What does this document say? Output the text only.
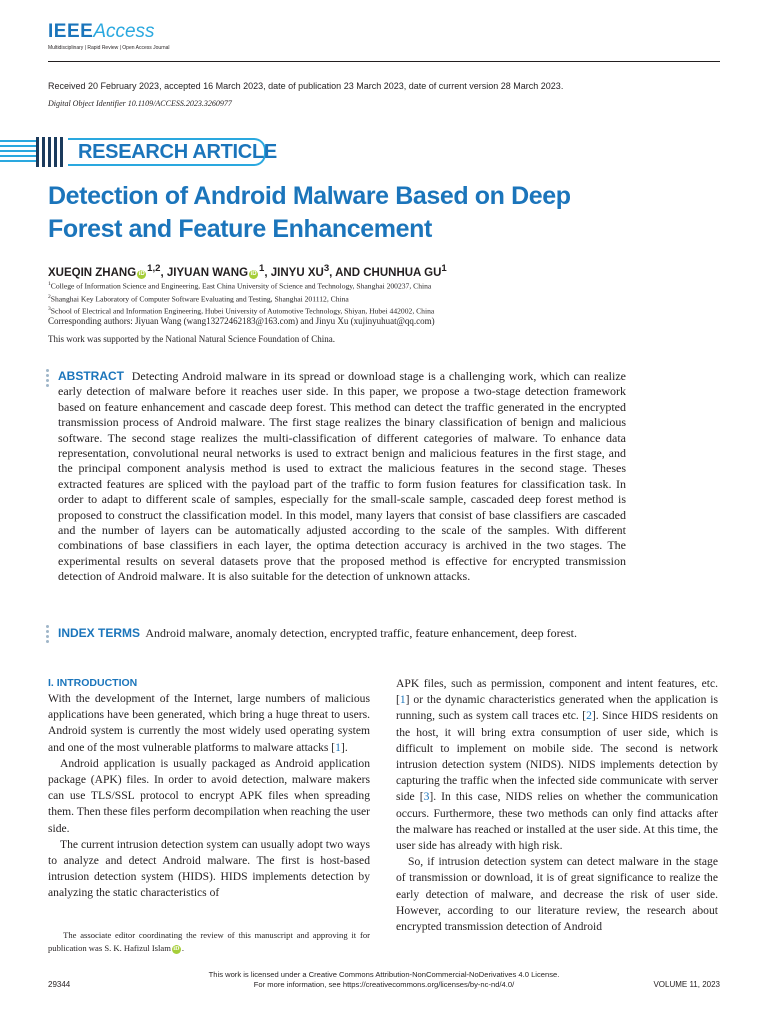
IEEEAccess
Multidisciplinary | Rapid Review | Open Access Journal
Received 20 February 2023, accepted 16 March 2023, date of publication 23 March 2023, date of current version 28 March 2023.
Digital Object Identifier 10.1109/ACCESS.2023.3260977
RESEARCH ARTICLE
Detection of Android Malware Based on Deep Forest and Feature Enhancement
XUEQIN ZHANG iD $^{1,2}$, JIYUAN WANG iD $^1$, JINYU $XU^3$, AND CHUNHUA $GU^1$
$^1$College of Information Science and Engineering, East China University of Science and Technology, Shanghai 200237, China
$^2$Shanghai Key Laboratory of Computer Software Evaluating and Testing, Shanghai 201112, China
$^3$School of Electrical and Information Engineering, Hubei University of Automotive Technology, Shiyan, Hubei 442002, China
Corresponding authors: Jiyuan Wang (wang13272462183@163.com) and Jinyu Xu (xujinyuhuat@qq.com)
This work was supported by the National Natural Science Foundation of China.
ABSTRACT Detecting Android malware in its spread or download stage is a challenging work, which can realize early detection of malware before it reaches user side. In this paper, we propose a two-stage detection framework based on feature enhancement and cascade deep forest. This method can detect the traffic generated in the encrypted transmission process of Android malware. The first stage realizes the binary classification of benign and malicious software. The second stage realizes the multi-classification of different categories of malware. To enhance data representation, convolutional neural networks is used to extract benign and malicious features in the first stage, and the principal component analysis method is used to extract the malicious features in the second stage. Theses extracted features are spliced with the payload part of the traffic to form fusion features for classification task. In order to adapt to different scale of samples, especially for the small-scale sample, cascaded deep forest method is proposed to construct the classification model. In this model, many layers that consist of base classifiers are cascaded and the number of layers can be automatically adjusted according to the scale of the samples. With different combinations of base classifiers in each layer, the optima detection accuracy is archived in the two stages. The experimental results on several datasets prove that the proposed method is effective for encrypted transmission detection of Android malware. It is also suitable for the detection of unknown attacks.
INDEX TERMS Android malware, anomaly detection, encrypted traffic, feature enhancement, deep forest.
I. INTRODUCTION

With the development of the Internet, large numbers of malicious applications have been generated, which bring a huge threat to users. Android system is currently the most widely used operating system and one of the most vulnerable platforms to malware attacks [1].

Android application is usually packaged as Android application package (APK) files. In order to avoid detection, malware makers can use TLS/SSL protocol to encrypt APK files when spreading them. Then these files perform decompilation when reaching the user side.

The current intrusion detection system can usually adopt two ways to analyze and detect Android malware. The first is host-based intrusion detection system (HIDS). HIDS implements detection by analyzing the static characteristics of

The associate editor coordinating the review of this manuscript and approving it for publication was S. K. Hafizul Islam iD .

APK files, such as permission, component and intent features, etc. [1] or the dynamic characteristics generated when the application is running, such as system call traces etc. [2]. Since HIDS residents on the host, it will bring extra consumption of user side, which is difficult to implement on mobile side. The second is network intrusion detection system (NIDS). NIDS implements detection by capturing the traffic when the infected side communicate with server side [3]. In this case, NIDS relies on whether the communication occurs. Furthermore, these two methods can only find attacks after the malware has reached or installed at the user side. At this time, the user side has already with high risk.

So, if intrusion detection system can detect malware in the stage of transmission or download, it is of great significance to realize the early detection of malware, and decrease the risk of user side. However, according to our literature review, the research about encrypted transmission detection of Android

This work is licensed under a Creative Commons Attribution-NonCommercial-NoDerivatives 4.0 License.
For more information, see https://creativecommons.org/licenses/by-nc-nd/4.0/
29344	VOLUME 11, 2023
